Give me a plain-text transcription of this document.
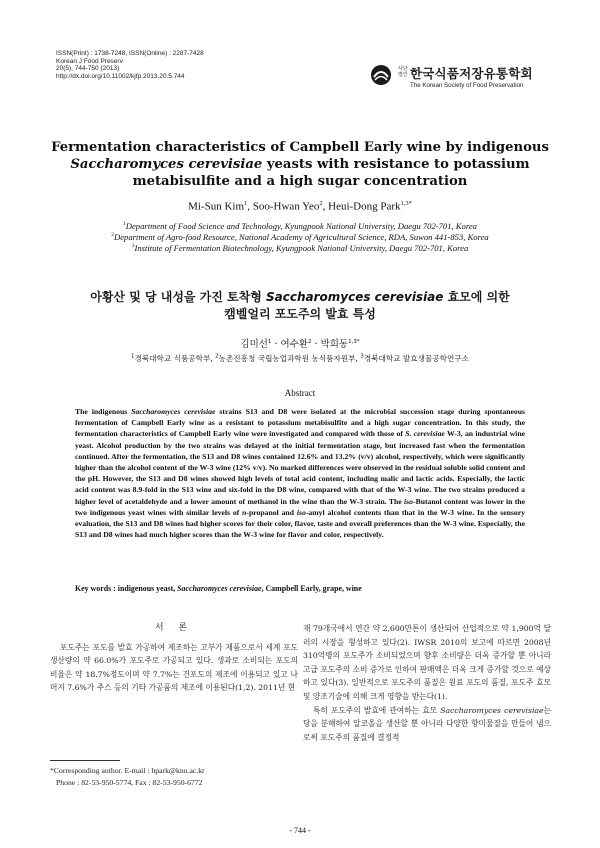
ISSN(Print) : 1738-7248, ISSN(Online) : 2287-7428
Korean J Food Preserv
20(5), 744-750 (2013)
http://dx.doi.org/10.11002/kjfp.2013.20.5.744
사단 법인 한국식품저장유통학회
The Korean Society of Food Preservation
Fermentation characteristics of Campbell Early wine by indigenous
Saccharomyces cerevisiae yeasts with resistance to potassium
metabisulfite and a high sugar concentration
Mi-Sun Kim$^1$, Soo-Hwan Yeo$^2$, Heui-Dong Park$^{1,3*}$
$^1$Department of Food Science and Technology, Kyungpook National University, Daegu 702-701, Korea
$^2$Department of Agro-food Resource, National Academy of Agricultural Science, RDA, Suwon 441-853, Korea
$^3$Institute of Fermentation Biotechnology, Kyungpook National University, Daegu 702-701, Korea
아황산 및 당 내성을 가진 토착형 Saccharomyces cerevisiae 효모에 의한
캠벨얼리 포도주의 발효 특성
김미선$^1$ · 여수환$^2$ · 박희동$^{1,3*}$
$^1$경북대학교 식품공학부, $^2$농촌진흥청 국립농업과학원 농식품자원부, $^3$경북대학교 발효생물공학연구소
Abstract
The indigenous Saccharomyces cerevisiae strains S13 and D8 were isolated at the microbial succession stage during spontaneous fermentation of Campbell Early wine as a resistant to potassium metabisulfite and a high sugar concentration. In this study, the fermentation characteristics of Campbell Early wine were investigated and compared with those of S. cerevisiae W-3, an industrial wine yeast. Alcohol production by the two strains was delayed at the initial fermentation stage, but increased fast when the fermentation continued. After the fermentation, the S13 and D8 wines contained 12.6% and 13.2% (v/v) alcohol, respectively, which were significantly higher than the alcohol content of the W-3 wine (12% v/v). No marked differences were observed in the residual soluble solid content and the pH. However, the S13 and D8 wines showed high levels of total acid content, including malic and lactic acids. Especially, the lactic acid content was 8.9-fold in the S13 wine and six-fold in the D8 wine, compared with that of the W-3 wine. The two strains produced a higher level of acetaldehyde and a lower amount of methanol in the wine than the W-3 strain. The iso-Butanol content was lower in the two indigenous yeast wines with similar levels of n-propanol and iso-amyl alcohol contents than that in the W-3 wine. In the sensory evaluation, the S13 and D8 wines had higher scores for their color, flavor, taste and overall preferences than the W-3 wine. Especially, the S13 and D8 wines had much higher scores than the W-3 wine for flavor and color, respectively.
Key words : indigenous yeast, Saccharomyces cerevisiae, Campbell Early, grape, wine
서 론
포도주는 포도를 발효 가공하여 제조하는 고부가 제품으로서 세계 포도 생산량의 약 66.0%가 포도주로 가공되고 있다. 생과로 소비되는 포도의 비율은 약 18.7%정도이며 약 7.7%는 건포도의 제조에 이용되고 있고 나머지 7.6%가 주스 등의 기타 가공품의 제조에 이용된다(1,2). 2011년 현
재 79개국에서 연간 약 2,600만톤이 생산되어 산업적으로 약 1,900억 달러의 시장을 형성하고 있다(2). IWSR 2010의 보고에 따르면 2008년 310억병의 포도주가 소비되었으며 향후 소비량은 더욱 증가할 뿐 아니라 고급 포도주의 소비 증가로 인하여 판매액은 더욱 크게 증가할 것으로 예상하고 있다(3). 일반적으로 포도주의 품질은 원료 포도의 품질, 포도주 효모 및 양조기술에 의해 크게 영향을 받는다(1).
특히 포도주의 발효에 관여하는 효모 Saccharomyces cerevisiae는 당을 분해하여 알코올을 생산할 뿐 아니라 다양한 향미물질을 만들어 냄으로써 포도주의 품질에 결정적
*Corresponding author. E-mail : hpark@knu.ac.kr
Phone : 82-53-950-5774, Fax : 82-53-950-6772
- 744 -
